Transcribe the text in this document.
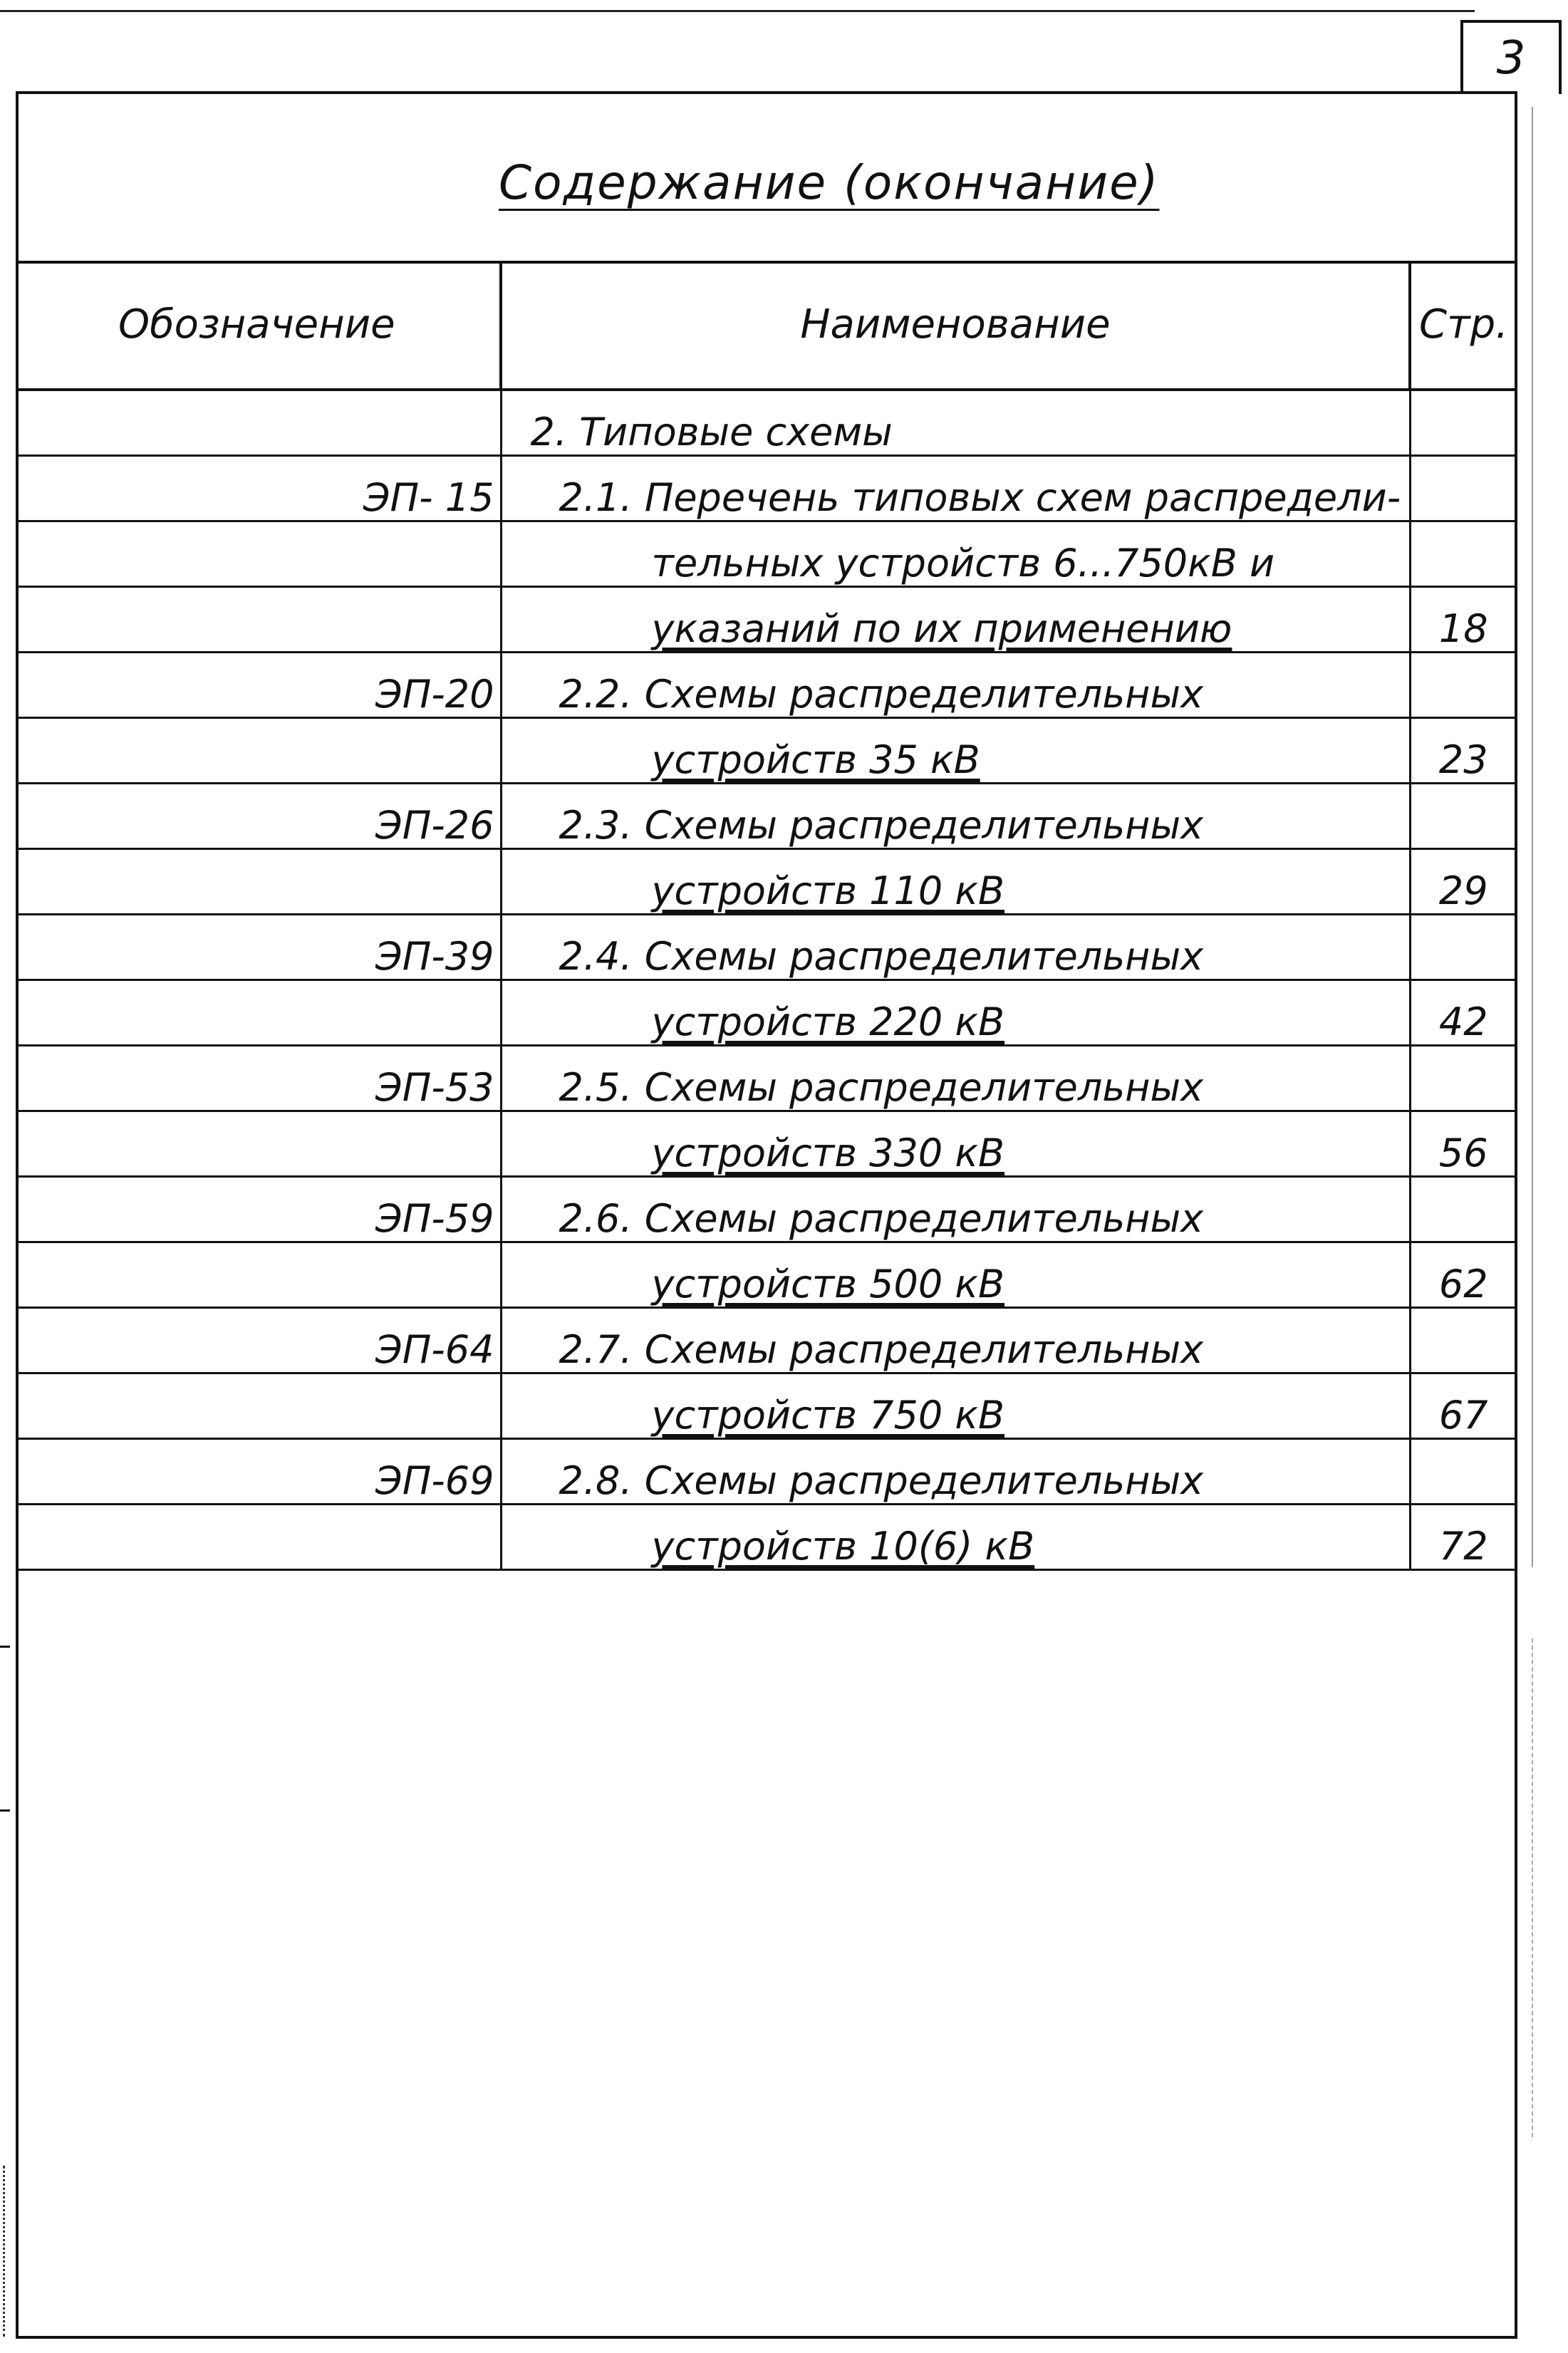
3
Содержание (окончание)
Обозначение	Наименование	Стр.
	2. Типовые схемы	
ЭП- 15	2.1. Перечень типовых схем распредели-	
	тельных устройств 6...750кВ и	
	указаний по их применению	18
ЭП-20	2.2. Схемы распределительных	
	устройств 35 кВ	23
ЭП-26	2.3. Схемы распределительных	
	устройств 110 кВ	29
ЭП-39	2.4. Схемы распределительных	
	устройств 220 кВ	42
ЭП-53	2.5. Схемы распределительных	
	устройств 330 кВ	56
ЭП-59	2.6. Схемы распределительных	
	устройств 500 кВ	62
ЭП-64	2.7. Схемы распределительных	
	устройств 750 кВ	67
ЭП-69	2.8. Схемы распределительных	
	устройств 10(6) кВ	72
